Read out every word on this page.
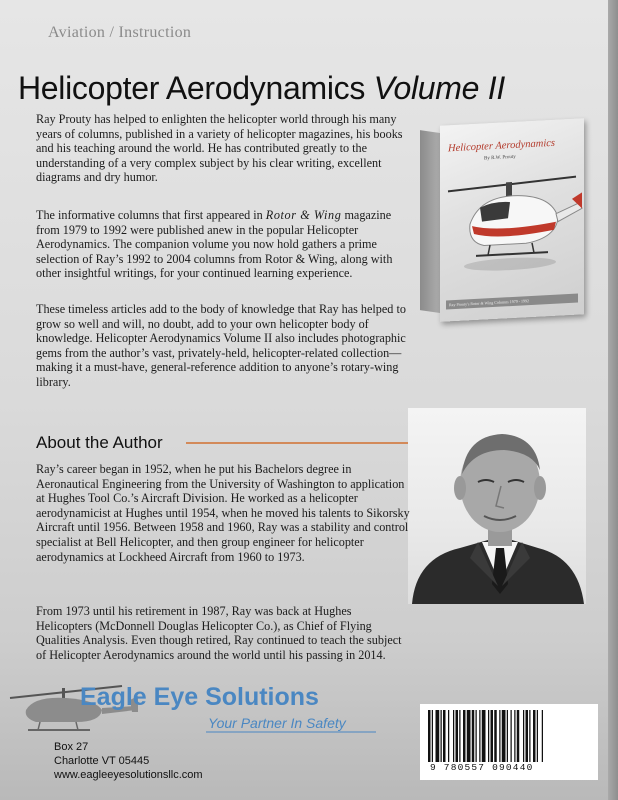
Aviation / Instruction
Helicopter Aerodynamics Volume II

Ray Prouty has helped to enlighten the helicopter world through his many years of columns, published in a variety of helicopter magazines, his books and his teaching around the world. He has contributed greatly to the understanding of a very complex subject by his clear writing, excellent diagrams and dry humor.

The informative columns that first appeared in Rotor & Wing magazine from 1979 to 1992 were published anew in the popular Helicopter Aerodynamics. The companion volume you now hold gathers a prime selection of Ray’s 1992 to 2004 columns from Rotor & Wing, along with other insightful writings, for your continued learning experience.

These timeless articles add to the body of knowledge that Ray has helped to grow so well and will, no doubt, add to your own helicopter body of knowledge. Helicopter Aerodynamics Volume II also includes photographic gems from the author’s vast, privately-held, helicopter-related collection—making it a must-have, general-reference addition to anyone’s rotary-wing library.

Helicopter Aerodynamics
By R.W. Prouty
Ray Prouty's Rotor & Wing Columns 1979 - 1992
About the Author

Ray’s career began in 1952, when he put his Bachelors degree in Aeronautical Engineering from the University of Washington to application at Hughes Tool Co.’s Aircraft Division. He worked as a helicopter aerodynamicist at Hughes until 1954, when he moved his talents to Sikorsky Aircraft until 1956. Between 1958 and 1960, Ray was a stability and control specialist at Bell Helicopter, and then group engineer for helicopter aerodynamics at Lockheed Aircraft from 1960 to 1973.

From 1973 until his retirement in 1987, Ray was back at Hughes Helicopters (McDonnell Douglas Helicopter Co.), as Chief of Flying Qualities Analysis. Even though retired, Ray continued to teach the subject of Helicopter Aerodynamics around the world until his passing in 2014.

Eagle Eye Solutions
Your Partner In Safety
Box 27
Charlotte VT 05445
www.eagleeyesolutionsllc.com
9 780557 090440
